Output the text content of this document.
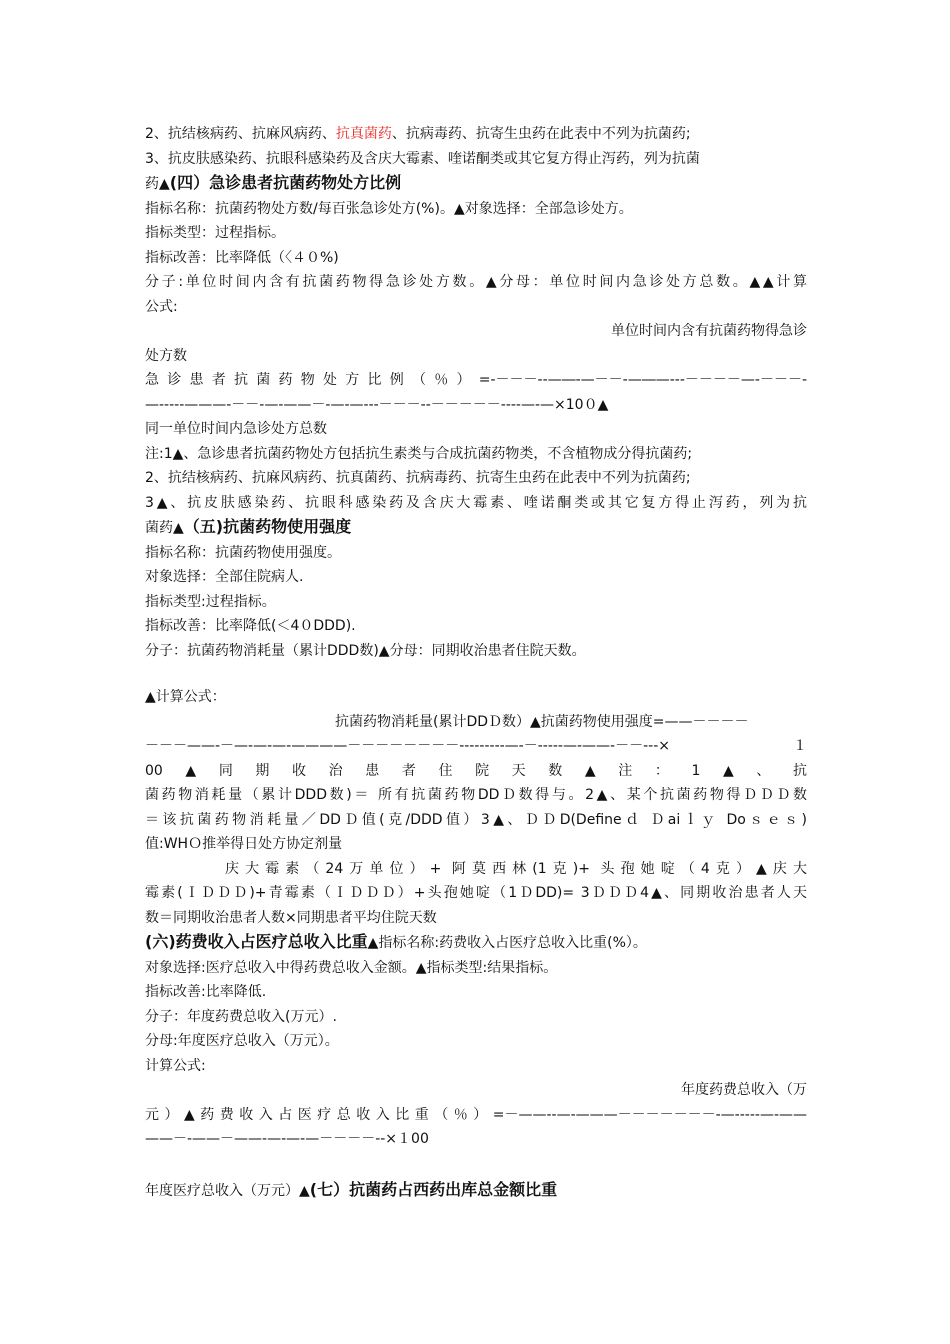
2、抗结核病药、抗麻风病药、抗真菌药、抗病毒药、抗寄生虫药在此表中不列为抗菌药;
3、抗皮肤感染药、抗眼科感染药及含庆大霉素、喹诺酮类或其它复方得止泻药，列为抗菌
药▲(四）急诊患者抗菌药物处方比例
指标名称：抗菌药物处方数/每百张急诊处方(%)。▲对象选择：全部急诊处方。
指标类型：过程指标。
指标改善：比率降低（〈４０%)
分子:单位时间内含有抗菌药物得急诊处方数。▲分母：单位时间内急诊处方总数。▲▲计算
公式:
单位时间内含有抗菌药物得急诊
处方数
急诊患者抗菌药物处方比例（％）=-－－－--—―-—－－-—―—---－－－－—-－－－-
—-----———-－－-—-——－-—-—---－－－--－－－－－----—-—×10０▲
同一单位时间内急诊处方总数
注:1▲、急诊患者抗菌药物处方包括抗生素类与合成抗菌药物类，不含植物成分得抗菌药;
2、抗结核病药、抗麻风病药、抗真菌药、抗病毒药、抗寄生虫药在此表中不列为抗菌药;
3▲、抗皮肤感染药、抗眼科感染药及含庆大霉素、喹诺酮类或其它复方得止泻药，列为抗
菌药▲（五)抗菌药物使用强度
指标名称：抗菌药物使用强度。
对象选择：全部住院病人.
指标类型:过程指标。
指标改善：比率降低(＜4０DDD).
分子：抗菌药物消耗量（累计DDD数)▲分母：同期收治患者住院天数。
▲计算公式：
抗菌药物消耗量(累计DDＤ数）▲抗菌药物使用强度=——－－－－
－－－——-－—-—-—-————－－－－－－－－---------—-－-----—-——-－－---×１
00▲同期收治患者住院天数▲注：1▲、抗
菌药物消耗量（累计DDD数)＝ 所有抗菌药物DDＤ数得与。2▲、某个抗菌药物得ＤＤＤ数
＝该抗菌药物消耗量／DDＤ值(克/DDD值）3▲、ＤＤD(Defineｄ Ｄaiｌｙ Doｓｅｓ)
值:WHＯ推举得日处方协定剂量
庆大霉素（24万单位）+ 阿莫西林(1克)+ 头孢她啶（4克）▲庆大
霉素(ＩＤＤＤ)+青霉素（ＩＤＤＤ）+头孢她啶（1ＤDD)= 3ＤＤＤ4▲、同期收治患者人天
数＝同期收治患者人数×同期患者平均住院天数
(六)药费收入占医疗总收入比重▲指标名称:药费收入占医疗总收入比重(%）。
对象选择:医疗总收入中得药费总收入金额。▲指标类型:结果指标。
指标改善:比率降低.
分子：年度药费总收入(万元）.
分母:年度医疗总收入（万元）。
计算公式:
年度药费总收入（万
元）▲药费收入占医疗总收入比重（％）=－——--—-———－－－－－－－-—-----—-——
——－-——－——-—-—-—－－－－--×１00
年度医疗总收入（万元）▲(七）抗菌药占西药出库总金额比重
